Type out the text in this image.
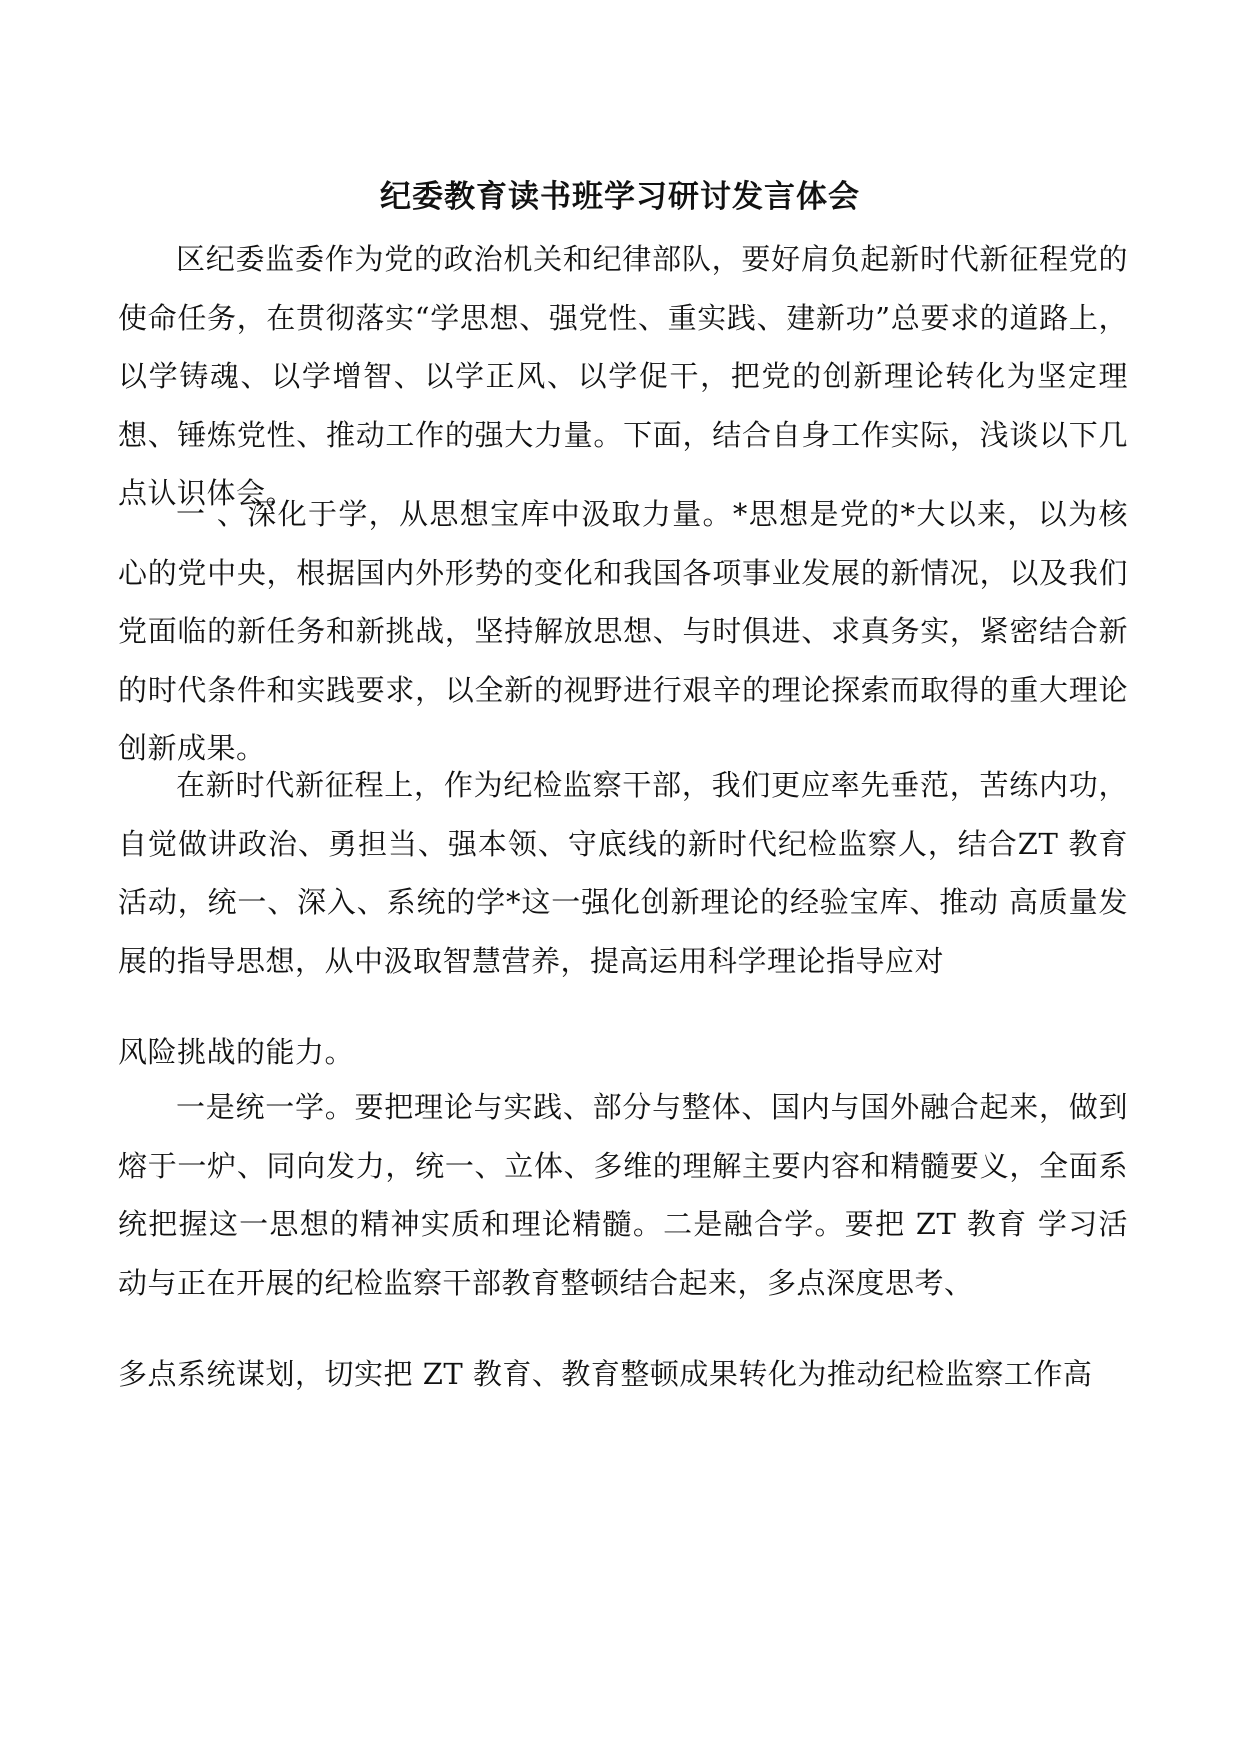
纪委教育读书班学习研讨发言体会

区纪委监委作为党的政治机关和纪律部队，要好肩负起新时代新征程党的使命任务，在贯彻落实“学思想、强党性、重实践、建新功”总要求的道路上，以学铸魂、以学增智、以学正风、以学促干，把党的创新理论转化为坚定理想、锤炼党性、推动工作的强大力量。下面，结合自身工作实际，浅谈以下几点认识体会。

一 、深化于学，从思想宝库中汲取力量。*思想是党的*大以来，以为核心的党中央，根据国内外形势的变化和我国各项事业发展的新情况，以及我们党面临的新任务和新挑战，坚持解放思想、与时俱进、求真务实，紧密结合新的时代条件和实践要求，以全新的视野进行艰辛的理论探索而取得的重大理论创新成果。

在新时代新征程上，作为纪检监察干部，我们更应率先垂范，苦练内功，自觉做讲政治、勇担当、强本领、守底线的新时代纪检监察人，结合ZT 教育活动，统一、深入、系统的学*这一强化创新理论的经验宝库、推动 高质量发展的指导思想，从中汲取智慧营养，提高运用科学理论指导应对

风险挑战的能力。

一是统一学。要把理论与实践、部分与整体、国内与国外融合起来，做到熔于一炉、同向发力，统一、立体、多维的理解主要内容和精髓要义，全面系统把握这一思想的精神实质和理论精髓。二是融合学。要把 ZT 教育 学习活动与正在开展的纪检监察干部教育整顿结合起来，多点深度思考、

多点系统谋划，切实把 ZT 教育、教育整顿成果转化为推动纪检监察工作高
